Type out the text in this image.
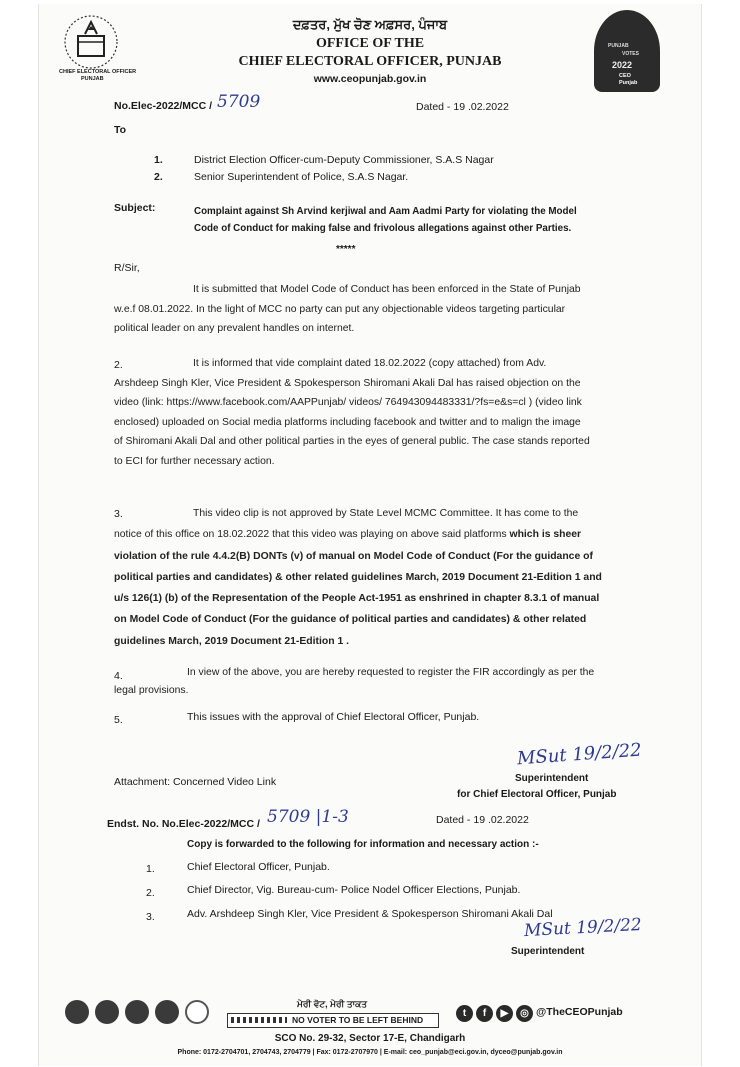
CHIEF ELECTORAL OFFICER
PUNJAB
ਦਫ਼ਤਰ, ਮੁੱਖ ਚੋਣ ਅਫ਼ਸਰ, ਪੰਜਾਬ
OFFICE OF THE
CHIEF ELECTORAL OFFICER, PUNJAB
www.ceopunjab.gov.in
PUNJAB
VOTES
2022
CEO
Punjab
No.Elec-2022/MCC / 5709	Dated - 19 .02.2022
To
1.	District Election Officer-cum-Deputy Commissioner, S.A.S Nagar
2.	Senior Superintendent of Police, S.A.S Nagar.
Subject:	Complaint against Sh Arvind kerjiwal and Aam Aadmi Party for violating the Model
Code of Conduct for making false and frivolous allegations against other Parties.
*****
R/Sir,
It is submitted that Model Code of Conduct has been enforced in the State of Punjab
w.e.f 08.01.2022. In the light of MCC no party can put any objectionable videos targeting particular
political leader on any prevalent handles on internet.
2.	It is informed that vide complaint dated 18.02.2022 (copy attached) from Adv.
Arshdeep Singh Kler, Vice President & Spokesperson Shiromani Akali Dal has raised objection on the
video (link: https://www.facebook.com/AAPPunjab/ videos/ 764943094483331/?fs=e&s=cl ) (video link
enclosed) uploaded on Social media platforms including facebook and twitter and to malign the image
of Shiromani Akali Dal and other political parties in the eyes of general public. The case stands reported
to ECI for further necessary action.
3.	This video clip is not approved by State Level MCMC Committee. It has come to the
notice of this office on 18.02.2022 that this video was playing on above said platforms which is sheer
violation of the rule 4.4.2(B) DONTs (v) of manual on Model Code of Conduct (For the guidance of
political parties and candidates) & other related guidelines March, 2019 Document 21-Edition 1 and
u/s 126(1) (b) of the Representation of the People Act-1951 as enshrined in chapter 8.3.1 of manual
on Model Code of Conduct (For the guidance of political parties and candidates) & other related
guidelines March, 2019 Document 21-Edition 1 .
4.	In view of the above, you are hereby requested to register the FIR accordingly as per the
legal provisions.
5.	This issues with the approval of Chief Electoral Officer, Punjab.
MSut 19/2/22
Superintendent
Attachment: Concerned Video Link
for Chief Electoral Officer, Punjab
Endst. No. No.Elec-2022/MCC / 5709 |1-3	Dated - 19 .02.2022
Copy is forwarded to the following for information and necessary action :-
1.	Chief Electoral Officer, Punjab.
2.	Chief Director, Vig. Bureau-cum- Police Nodel Officer Elections, Punjab.
3.	Adv. Arshdeep Singh Kler, Vice President & Spokesperson Shiromani Akali Dal
MSut 19/2/22
Superintendent
ਮੇਰੀ ਵੋਟ, ਮੇਰੀ ਤਾਕਤ
NO VOTER TO BE LEFT BEHIND
t	f	▶	◎ @TheCEOPunjab
SCO No. 29-32, Sector 17-E, Chandigarh
Phone: 0172-2704701, 2704743, 2704779 | Fax: 0172-2707970 | E-mail: ceo_punjab@eci.gov.in, dyceo@punjab.gov.in
